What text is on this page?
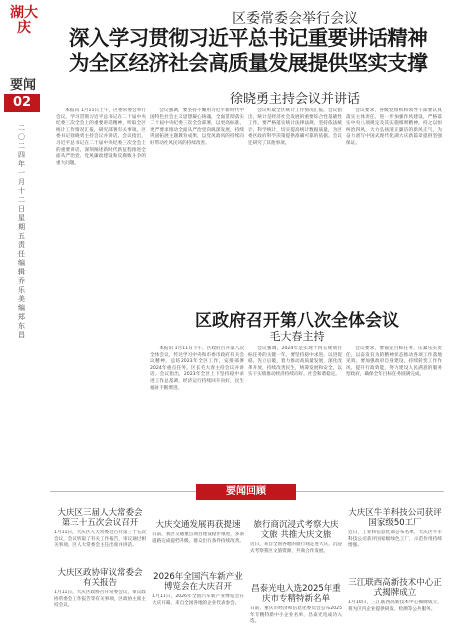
湖大庆
要闻
02
二〇二四年一月十二日 星期五 责任编辑 乔乐 美编 郑东昌
区委常委会举行会议
深入学习贯彻习近平总书记重要讲话精神
为全区经济社会高质量发展提供坚实支撑
徐晓勇主持会议并讲话

本报讯 1月11日上午，区委常委会举行会议，学习贯彻习近平总书记在二十届中央纪委三次全会上的重要讲话精神，听取全区统计工作情况汇报，研究部署有关事项。区委书记徐晓勇主持会议并讲话。会议指出，习近平总书记在二十届中央纪委三次全会上的重要讲话，深刻阐述新时代新征程推进全面从严治党、党风廉政建设和反腐败斗争的重大问题。

会议强调，要坚持不懈用习近平新时代中国特色社会主义思想凝心铸魂，全面贯彻落实二十届中央纪委三次全会部署，以更高标准、更严要求推动全面从严治党向纵深发展，持续巩固拓展主题教育成果，以党风政风的持续向好带动社风民风的持续改善。

会议听取全区统计工作情况汇报。会议指出，统计是经济社会发展的重要综合性基础性工作。要严格落实统计法律法规，坚持依法统计、科学统计，切实提高统计数据质量，为区委区政府科学决策提供准确可靠的依据。会议还研究了其他事项。

会议要求，各级党组织和领导干部要认真落实主体责任，进一步加强作风建设，严格落实中央八项规定及其实施细则精神，持之以恒纠治四风，大力弘扬清正廉洁的新风正气，为奋力谱写中国式现代化湖大庆新篇章提供坚强保证。

区政府召开第八次全体会议
毛大春主持

本报讯 1月11日下午，区政府召开第八次全体会议，传达学习中央和市委市政府有关会议精神，总结2023年全区工作，安排部署2024年重点任务。区长毛大春主持会议并讲话。会议指出，2023年全区上下坚持稳中求进工作总基调，经济运行持续回升向好，民生福祉不断增进。

会议强调，2024年是实现十四五规划目标任务的关键一年。要坚持稳中求进、以进促稳、先立后破，着力推动高质量发展，深化改革开放，持续改善民生，统筹发展和安全，以实干实绩推动经济持续向好、社会和谐稳定。

会议要求，要锚定目标任务，压紧压实责任，以奋发有为的精神状态推动各项工作落地见效。要加强政府自身建设，持续转变工作作风，提升行政效能，努力建设人民满意的服务型政府，确保全年目标任务圆满完成。

要闻回顾
大庆区三届人大常委会第三十五次会议召开
1月11日，大庆区人大常委会召开第三十五次会议，会议听取了有关工作报告，审议通过相关事项，区人大常委会主任出席并讲话。
大庆区政协审议常委会有关报告
1月11日，大庆区政协召开常委会议，审议政协常委会工作报告等有关事项，区政协主席主持会议。
大庆交通发展再获提速
日前，我区交通重点项目建设稳步推进，多条道路完成提档升级，群众出行条件持续改善。
2026年全国汽车新产业博览会在大庆召开
1月11日，2026年全国汽车新产业博览会在大庆开幕，来自全国各地的企业代表参会。
旅行商沉浸式考察大庆文旅 共推大庆文旅
近日，来自全国各地的旅行商走进大庆，沉浸式考察我区文旅资源，共商合作发展。
昌泰光电入选2025年重庆市专精特新名单
日前，重庆市经济和信息化委员会公布2025年专精特新中小企业名单，昌泰光电成功入选。
大庆区牛羊科技公司获评国家级50工厂
近日，工业和信息化部公布名单，大庆区牛羊科技公司获评国家级绿色工厂，示范作用持续增强。
三江联西高新技术中心正式揭牌成立
1月10日，三江联西高新技术中心揭牌成立，将为区内企业提供研发、检测等公共服务。
